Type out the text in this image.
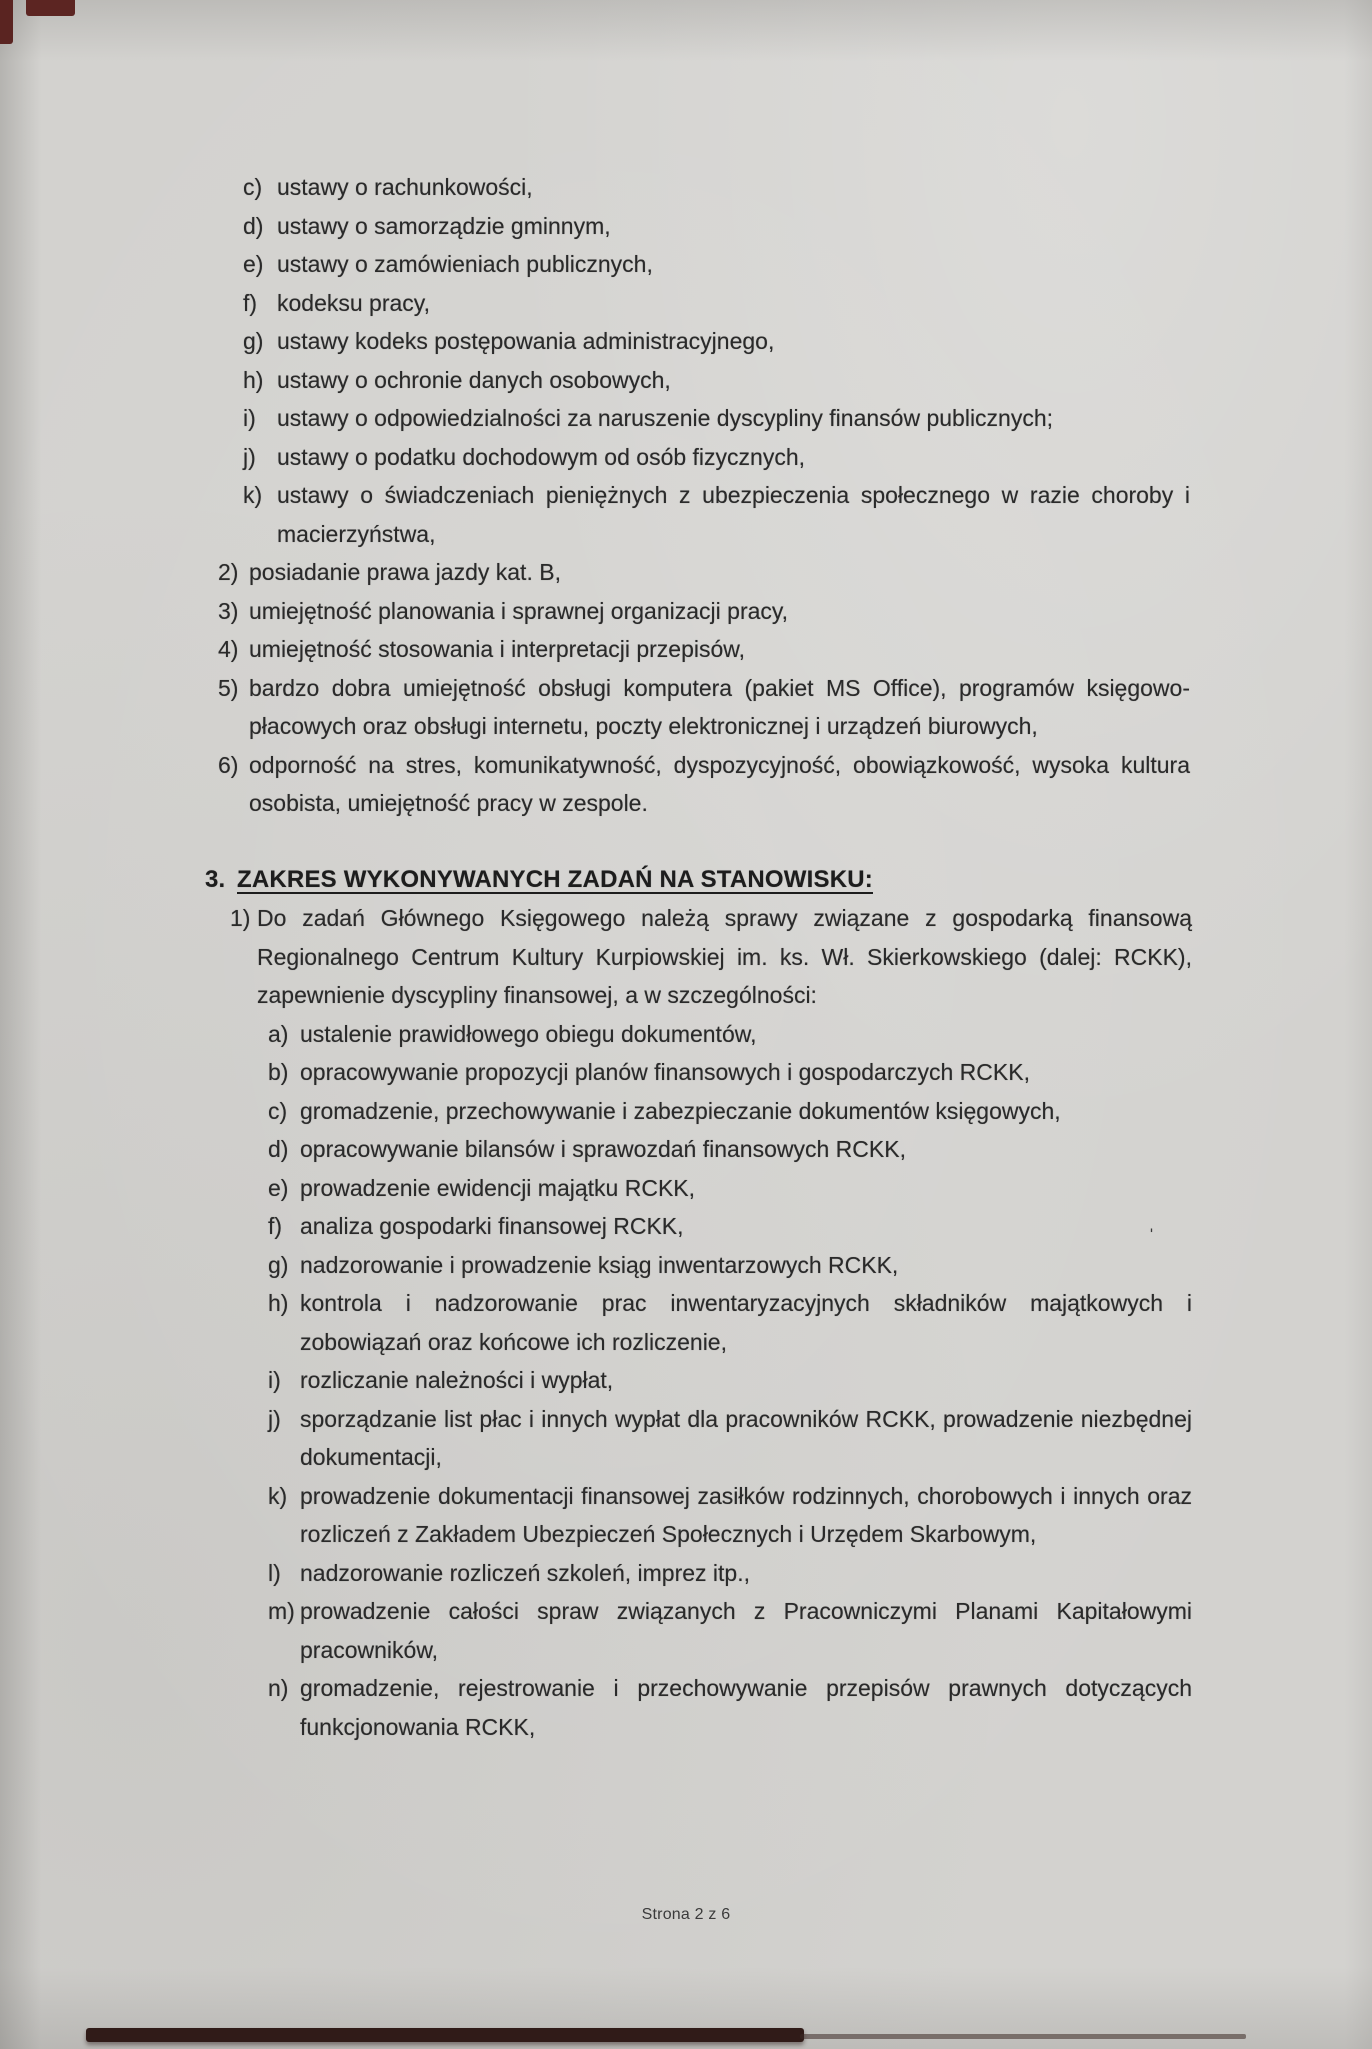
c) ustawy o rachunkowości,
d) ustawy o samorządzie gminnym,
e) ustawy o zamówieniach publicznych,
f) kodeksu pracy,
g) ustawy kodeks postępowania administracyjnego,
h) ustawy o ochronie danych osobowych,
i) ustawy o odpowiedzialności za naruszenie dyscypliny finansów publicznych;
j) ustawy o podatku dochodowym od osób fizycznych,
k) ustawy o świadczeniach pieniężnych z ubezpieczenia społecznego w razie choroby i macierzyństwa,
2) posiadanie prawa jazdy kat. B,
3) umiejętność planowania i sprawnej organizacji pracy,
4) umiejętność stosowania i interpretacji przepisów,
5) bardzo dobra umiejętność obsługi komputera (pakiet MS Office), programów księgowo-płacowych oraz obsługi internetu, poczty elektronicznej i urządzeń biurowych,
6) odporność na stres, komunikatywność, dyspozycyjność, obowiązkowość, wysoka kultura osobista, umiejętność pracy w zespole.
3. ZAKRES WYKONYWANYCH ZADAŃ NA STANOWISKU:
1) Do zadań Głównego Księgowego należą sprawy związane z gospodarką finansową Regionalnego Centrum Kultury Kurpiowskiej im. ks. Wł. Skierkowskiego (dalej: RCKK), zapewnienie dyscypliny finansowej, a w szczególności:
a) ustalenie prawidłowego obiegu dokumentów,
b) opracowywanie propozycji planów finansowych i gospodarczych RCKK,
c) gromadzenie, przechowywanie i zabezpieczanie dokumentów księgowych,
d) opracowywanie bilansów i sprawozdań finansowych RCKK,
e) prowadzenie ewidencji majątku RCKK,
f) analiza gospodarki finansowej RCKK,
g) nadzorowanie i prowadzenie ksiąg inwentarzowych RCKK,
h) kontrola i nadzorowanie prac inwentaryzacyjnych składników majątkowych i zobowiązań oraz końcowe ich rozliczenie,
i) rozliczanie należności i wypłat,
j) sporządzanie list płac i innych wypłat dla pracowników RCKK, prowadzenie niezbędnej dokumentacji,
k) prowadzenie dokumentacji finansowej zasiłków rodzinnych, chorobowych i innych oraz rozliczeń z Zakładem Ubezpieczeń Społecznych i Urzędem Skarbowym,
l) nadzorowanie rozliczeń szkoleń, imprez itp.,
m) prowadzenie całości spraw związanych z Pracowniczymi Planami Kapitałowymi pracowników,
n) gromadzenie, rejestrowanie i przechowywanie przepisów prawnych dotyczących funkcjonowania RCKK,
Strona 2 z 6
ˌ
